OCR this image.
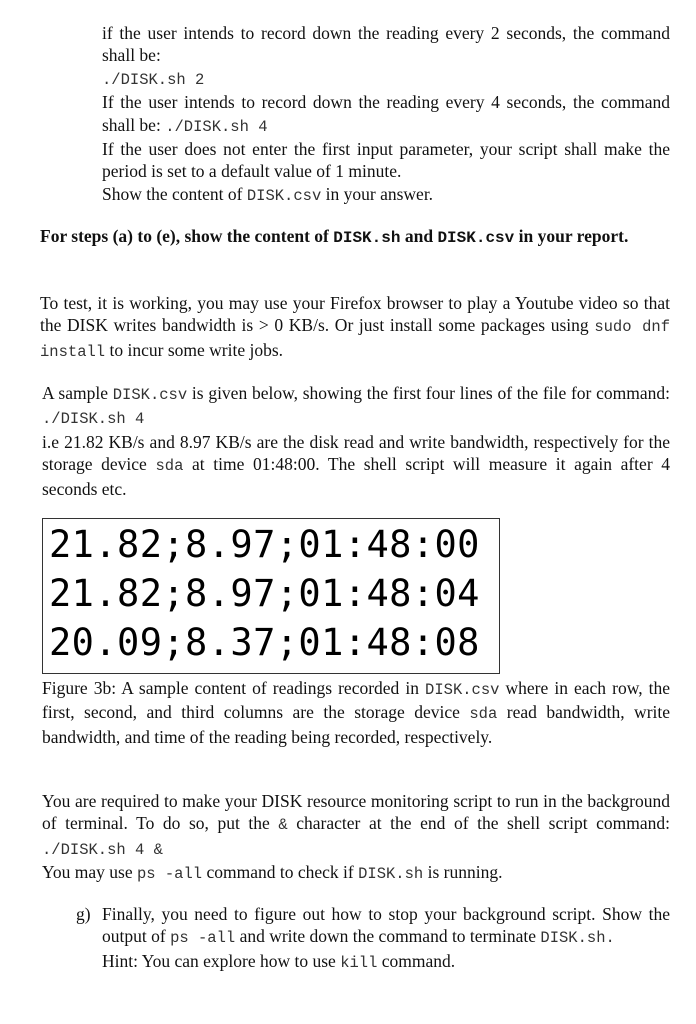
if the user intends to record down the reading every 2 seconds, the command shall be:
./DISK.sh 2
If the user intends to record down the reading every 4 seconds, the command shall be: ./DISK.sh 4
If the user does not enter the first input parameter, your script shall make the period is set to a default value of 1 minute.
Show the content of DISK.csv in your answer.
For steps (a) to (e), show the content of DISK.sh and DISK.csv in your report.
To test, it is working, you may use your Firefox browser to play a Youtube video so that the DISK writes bandwidth is > 0 KB/s. Or just install some packages using sudo dnf install to incur some write jobs.
A sample DISK.csv is given below, showing the first four lines of the file for command: ./DISK.sh 4
i.e 21.82 KB/s and 8.97 KB/s are the disk read and write bandwidth, respectively for the storage device sda at time 01:48:00. The shell script will measure it again after 4 seconds etc.
21.82;8.97;01:48:00
21.82;8.97;01:48:04
20.09;8.37;01:48:08
Figure 3b: A sample content of readings recorded in DISK.csv where in each row, the first, second, and third columns are the storage device sda read bandwidth, write bandwidth, and time of the reading being recorded, respectively.
You are required to make your DISK resource monitoring script to run in the background of terminal. To do so, put the & character at the end of the shell script command: ./DISK.sh 4 &
You may use ps -all command to check if DISK.sh is running.
g) Finally, you need to figure out how to stop your background script. Show the output of ps -all and write down the command to terminate DISK.sh.
Hint: You can explore how to use kill command.
